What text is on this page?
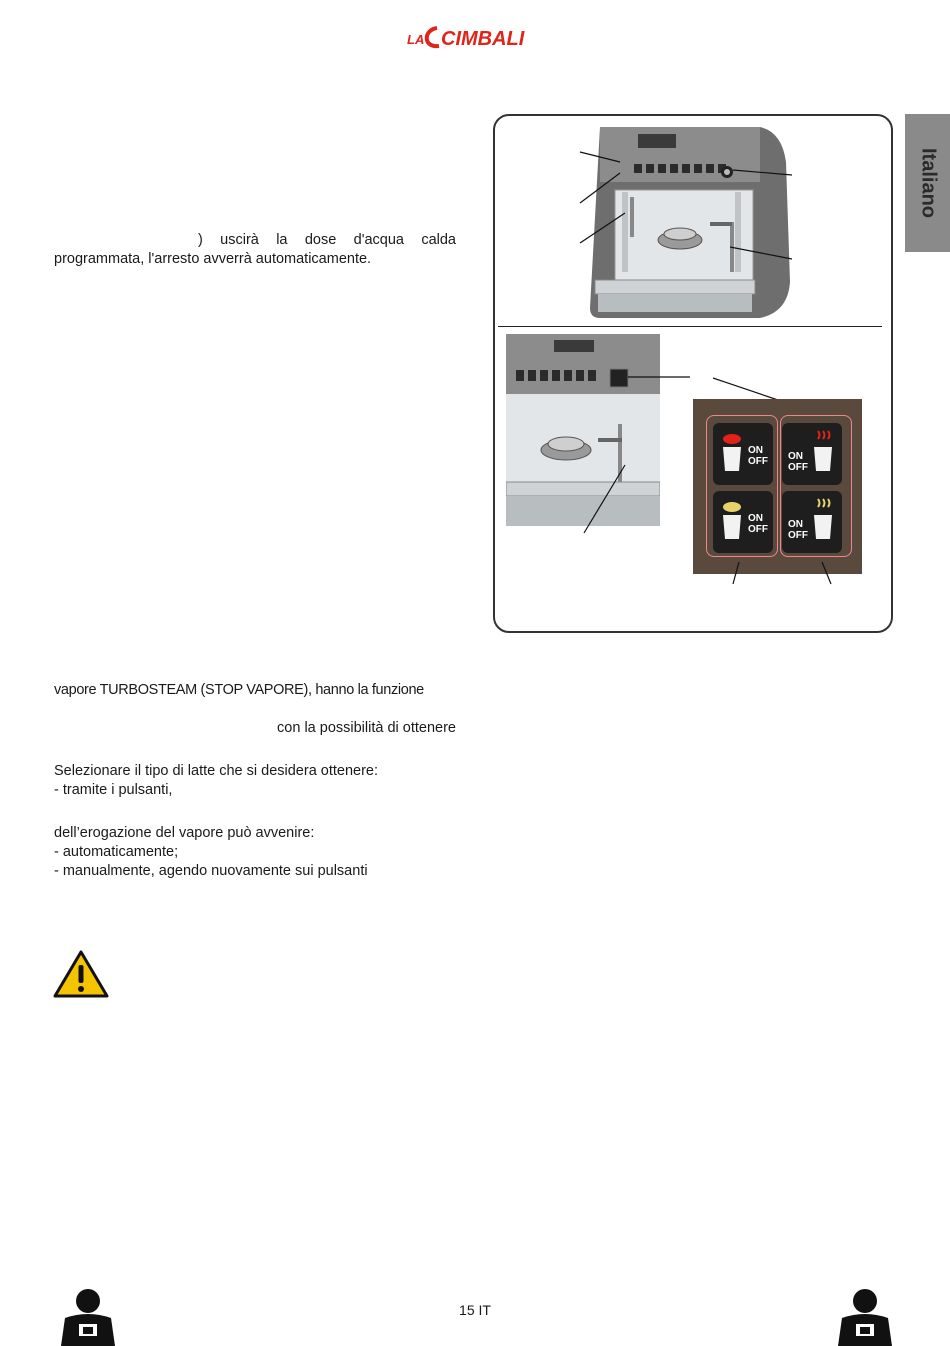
LA CIMBALI
Italiano
) uscirà la dose d'acqua calda
programmata, l'arresto avverrà automaticamente.
vapore TURBOSTEAM (STOP VAPORE), hanno la funzione
con la possibilità di ottenere
Selezionare il tipo di latte che si desidera ottenere:
- tramite i pulsanti,
dell’erogazione del vapore può avvenire:
- automaticamente;
- manualmente, agendo nuovamente sui pulsanti
ON
OFF ON
OFF
ON
OFF ON
OFF
15 IT
